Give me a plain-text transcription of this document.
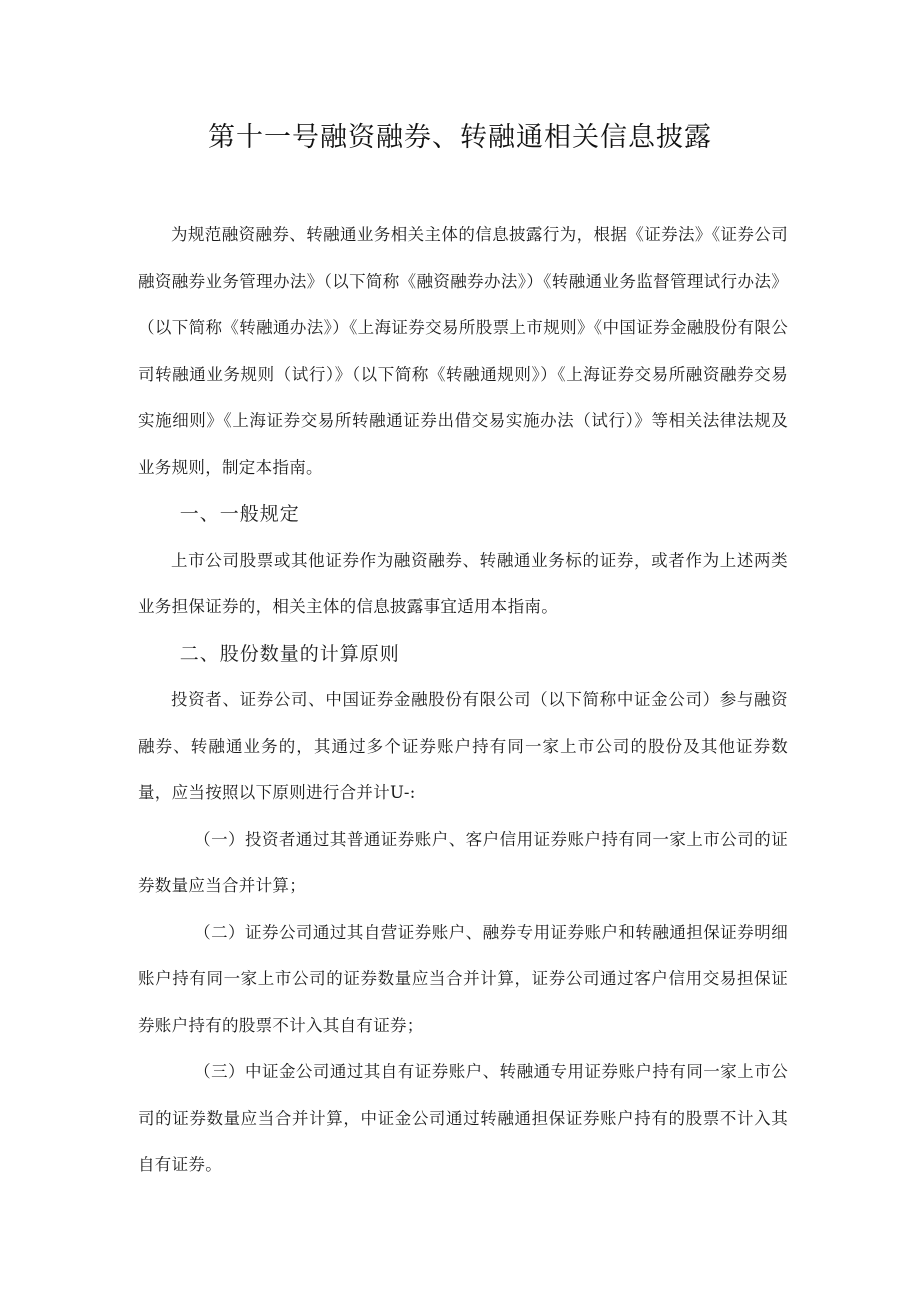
第十一号融资融券、转融通相关信息披露

为规范融资融券、转融通业务相关主体的信息披露行为，根据《证券法》《证券公司融资融券业务管理办法》（以下简称《融资融券办法》）《转融通业务监督管理试行办法》（以下简称《转融通办法》）《上海证券交易所股票上市规则》《中国证券金融股份有限公司转融通业务规则（试行）》（以下简称《转融通规则》）《上海证券交易所融资融券交易实施细则》《上海证券交易所转融通证券出借交易实施办法（试行）》等相关法律法规及业务规则，制定本指南。

一、一般规定

上市公司股票或其他证券作为融资融券、转融通业务标的证券，或者作为上述两类业务担保证券的，相关主体的信息披露事宜适用本指南。

二、股份数量的计算原则

投资者、证券公司、中国证券金融股份有限公司（以下简称中证金公司）参与融资融券、转融通业务的，其通过多个证券账户持有同一家上市公司的股份及其他证券数量，应当按照以下原则进行合并计U-:

（一）投资者通过其普通证券账户、客户信用证券账户持有同一家上市公司的证券数量应当合并计算；

（二）证券公司通过其自营证券账户、融券专用证券账户和转融通担保证券明细账户持有同一家上市公司的证券数量应当合并计算，证券公司通过客户信用交易担保证券账户持有的股票不计入其自有证券；

（三）中证金公司通过其自有证券账户、转融通专用证券账户持有同一家上市公司的证券数量应当合并计算，中证金公司通过转融通担保证券账户持有的股票不计入其自有证券。
